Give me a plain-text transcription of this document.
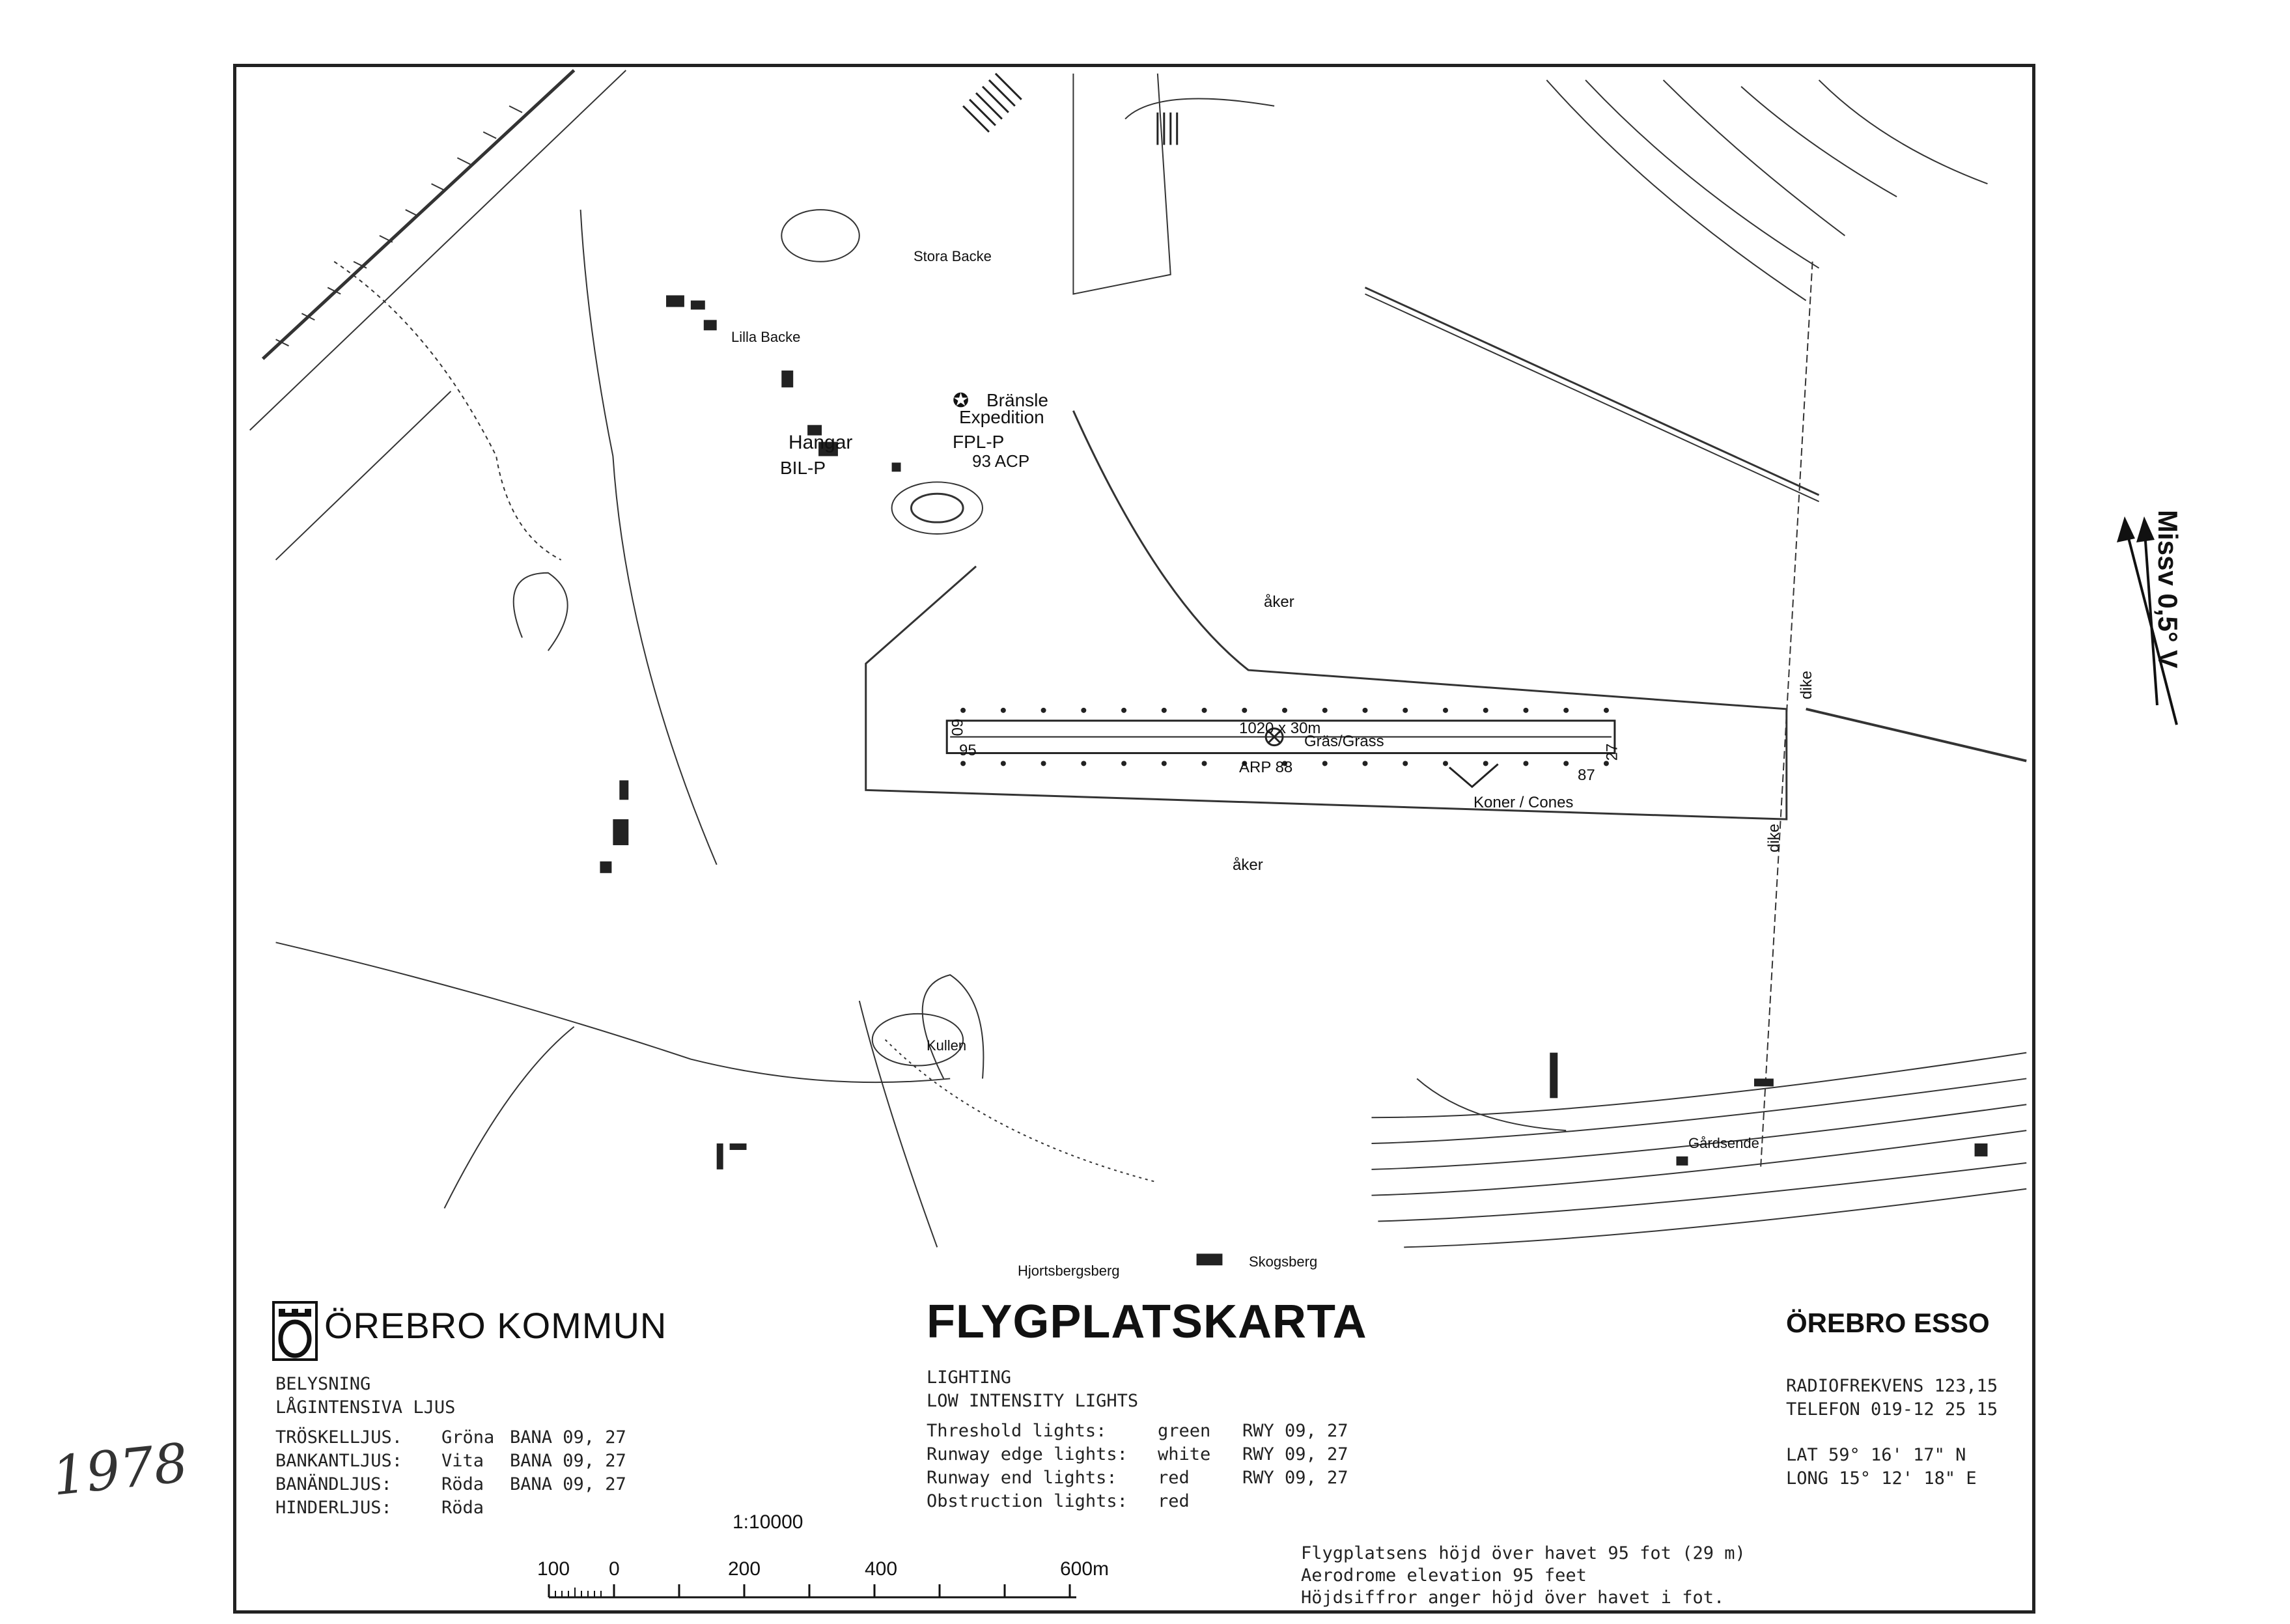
Bränsle
Expedition
✪
Hangar	FPL-P
BIL-P	93 ACP
åker
åker
dike
dike
1020 x 30m
Gräs/Grass
ARP 88
Koner / Cones
09
27
95
87
Stora Backe
Lilla Backe
Kullen
Skogsberg
Gårdsende
Hjortsbergsberg
Missv 0,5° V
ÖREBRO KOMMUN	FLYGPLATSKARTA	ÖREBRO ESSO
BELYSNING
LÅGINTENSIVA LJUS
TRÖSKELLJUS. Gröna BANA 09, 27
BANKANTLJUS: Vita BANA 09, 27
BANÄNDLJUS:	Röda BANA 09, 27
HINDERLJUS:	Röda
LIGHTING
LOW INTENSITY LIGHTS
Threshold lights:	green RWY 09, 27
Runway edge lights: white RWY 09, 27
Runway end lights: red	RWY 09, 27
Obstruction lights: red
RADIOFREKVENS 123,15
TELEFON 019-12 25 15
LAT 59° 16' 17" N
LONG 15° 12' 18" E
1:10000
100 0	200	400	600m
Flygplatsens höjd över havet 95 fot (29 m)
Aerodrome elevation 95 feet
Höjdsiffror anger höjd över havet i fot.
1978
